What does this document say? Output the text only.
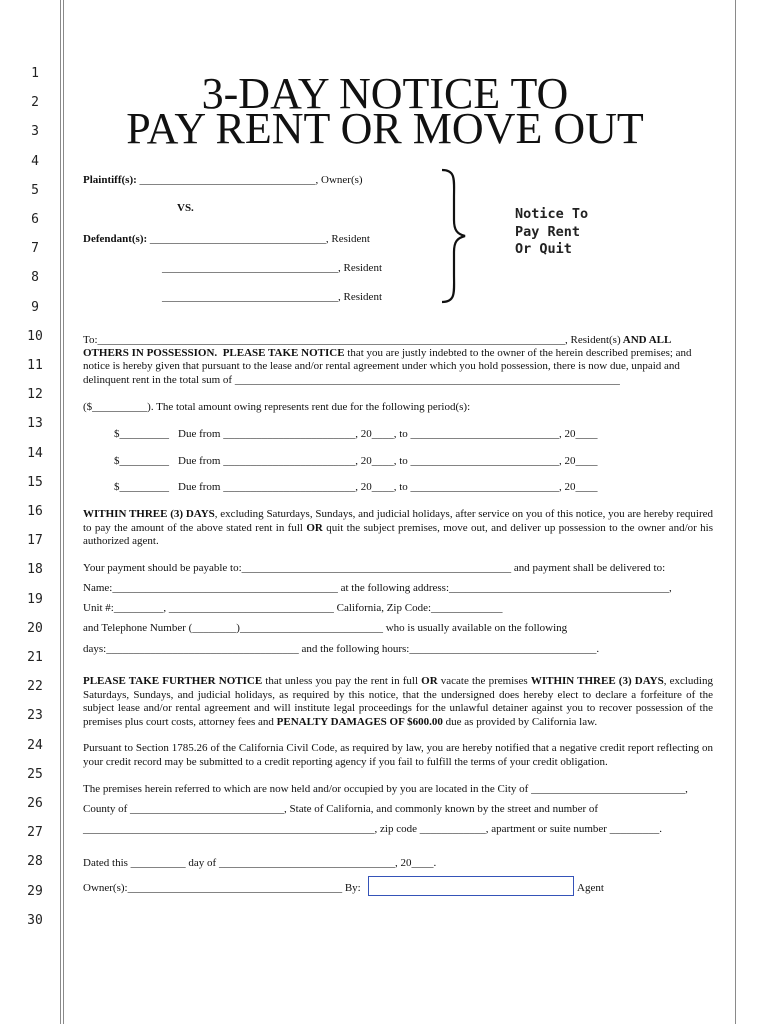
1
2
3
4
5
6
7
8
9
10
11
12
13
14
15
16
17
18
19
20
21
22
23
24
25
26
27
28
29
30
3-DAY NOTICE TO
PAY RENT OR MOVE OUT
Plaintiff(s): ________________________________, Owner(s)
VS.
Defendant(s): ________________________________, Resident
________________________________, Resident
________________________________, Resident
Notice To
Pay Rent
Or Quit
To:_____________________________________________________________________________________, Resident(s) AND ALL
OTHERS IN POSSESSION. PLEASE TAKE NOTICE that you are justly indebted to the owner of the herein described premises; and
notice is hereby given that pursuant to the lease and/or rental agreement under which you hold possession, there is now due, unpaid and
delinquent rent in the total sum of ______________________________________________________________________
($__________). The total amount owing represents rent due for the following period(s):
$_________ Due from ________________________, 20____, to ___________________________, 20____
$_________ Due from ________________________, 20____, to ___________________________, 20____
$_________ Due from ________________________, 20____, to ___________________________, 20____
WITHIN THREE (3) DAYS, excluding Saturdays, Sundays, and judicial holidays, after service on you of this notice, you are hereby required to pay the amount of the above stated rent in full OR quit the subject premises, move out, and deliver up possession to the owner and/or his authorized agent.
Your payment should be payable to:_________________________________________________ and payment shall be delivered to:
Name:_________________________________________ at the following address:________________________________________,
Unit #:_________, ______________________________ California, Zip Code:_____________
and Telephone Number (________)__________________________ who is usually available on the following
days:___________________________________ and the following hours:__________________________________.
PLEASE TAKE FURTHER NOTICE that unless you pay the rent in full OR vacate the premises WITHIN THREE (3) DAYS, excluding Saturdays, Sundays, and judicial holidays, as required by this notice, that the undersigned does hereby elect to declare a forfeiture of the subject lease and/or rental agreement and will institute legal proceedings for the unlawful detainer against you to recover possession of the premises plus court costs, attorney fees and PENALTY DAMAGES OF $600.00 due as provided by California law.
Pursuant to Section 1785.26 of the California Civil Code, as required by law, you are hereby notified that a negative credit report reflecting on your credit record may be submitted to a credit reporting agency if you fail to fulfill the terms of your credit obligation.
The premises herein referred to which are now held and/or occupied by you are located in the City of ____________________________,
County of ____________________________, State of California, and commonly known by the street and number of
_____________________________________________________, zip code ____________, apartment or suite number _________.
Dated this __________ day of ________________________________, 20____.
Owner(s):_______________________________________ By:	Agent
